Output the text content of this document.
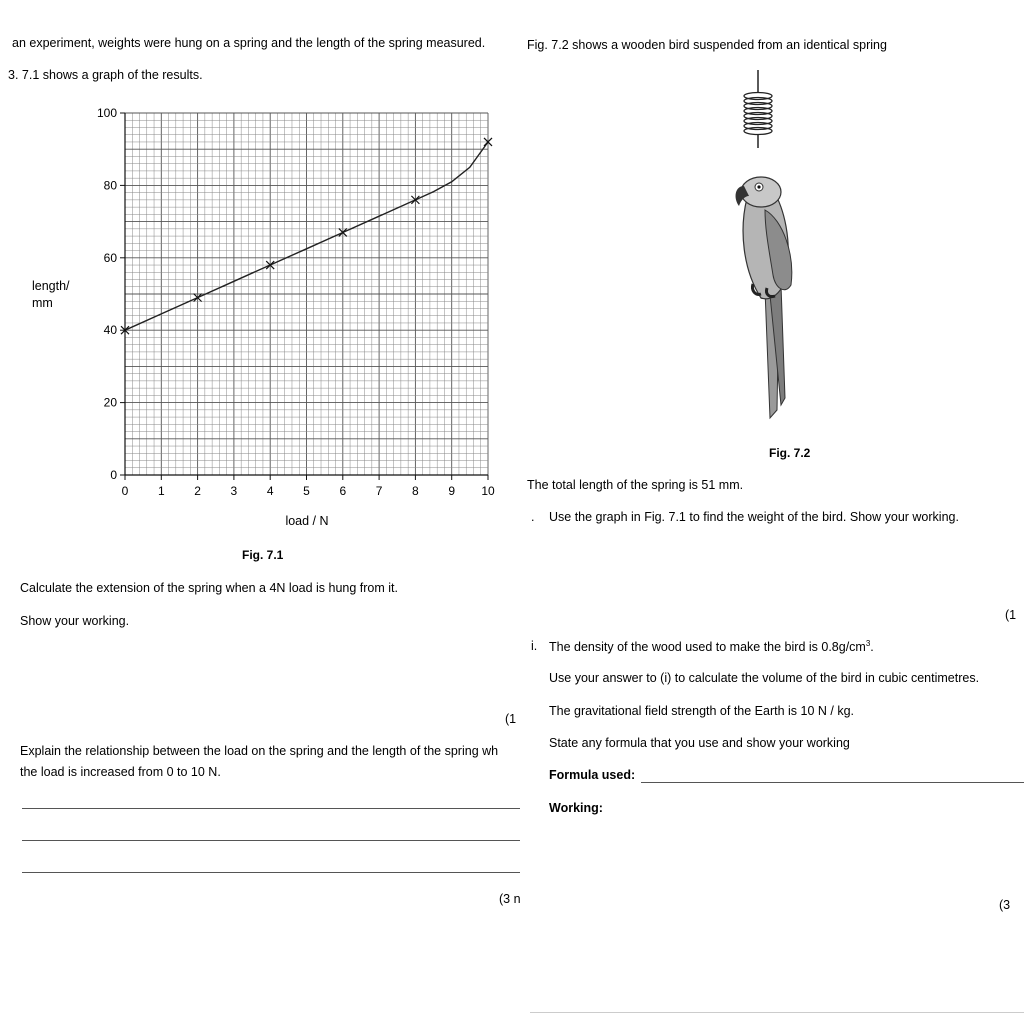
an experiment, weights were hung on a spring and the length of the spring measured.
3. 7.1 shows a graph of the results.
0 1 2 3 4 5 6 7 8 9 10
0
20
40
60
80
100
length/
mm
load / N
Fig. 7.1
Calculate the extension of the spring when a 4N load is hung from it.
Show your working.
(1
Explain the relationship between the load on the spring and the length of the spring wh
the load is increased from 0 to 10 N.
(3 n
Fig. 7.2 shows a wooden bird suspended from an identical spring
Fig. 7.2
The total length of the spring is 51 mm.
. Use the graph in Fig. 7.1 to find the weight of the bird. Show your working.
(1
i. The density of the wood used to make the bird is $0.8g/cm^3$.
Use your answer to (i) to calculate the volume of the bird in cubic centimetres.
The gravitational field strength of the Earth is 10 N / kg.
State any formula that you use and show your working
Formula used:
Working:
(3
